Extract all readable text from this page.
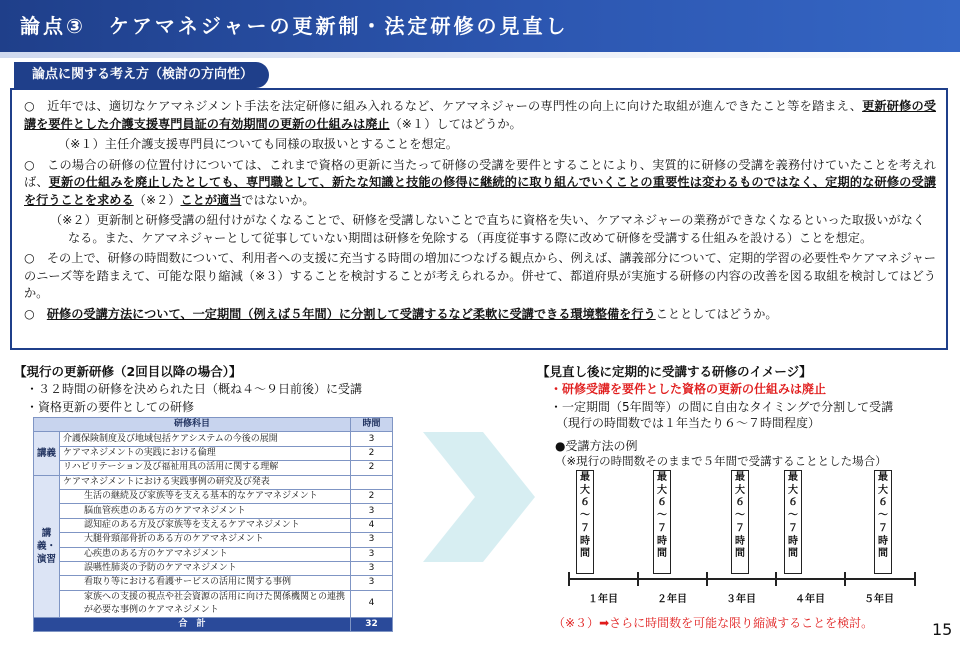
論点③　ケアマネジャーの更新制・法定研修の見直し
論点に関する考え方（検討の方向性）
○　近年では、適切なケアマネジメント手法を法定研修に組み入れるなど、ケアマネジャーの専門性の向上に向けた取組が進んできたこと等を踏まえ、更新研修の受講を要件とした介護支援専門員証の有効期間の更新の仕組みは廃止（※１）してはどうか。
（※１）主任介護支援専門員についても同様の取扱いとすることを想定。
○　この場合の研修の位置付けについては、これまで資格の更新に当たって研修の受講を要件とすることにより、実質的に研修の受講を義務付けていたことを考えれば、更新の仕組みを廃止したとしても、専門職として、新たな知識と技能の修得に継続的に取り組んでいくことの重要性は変わるものではなく、定期的な研修の受講を行うことを求める（※２）ことが適当ではないか。
（※２）更新制と研修受講の紐付けがなくなることで、研修を受講しないことで直ちに資格を失い、ケアマネジャーの業務ができなくなるといった取扱いがなくなる。また、ケアマネジャーとして従事していない期間は研修を免除する（再度従事する際に改めて研修を受講する仕組みを設ける）ことを想定。
○　その上で、研修の時間数について、利用者への支援に充当する時間の増加につなげる観点から、例えば、講義部分について、定期的学習の必要性やケアマネジャーのニーズ等を踏まえて、可能な限り縮減（※３）することを検討することが考えられるか。併せて、都道府県が実施する研修の内容の改善を図る取組を検討してはどうか。
○　研修の受講方法について、一定期間（例えば５年間）に分割して受講するなど柔軟に受講できる環境整備を行うこととしてはどうか。
【現行の更新研修（2回目以降の場合）】
・３２時間の研修を決められた日（概ね４～９日前後）に受講
・資格更新の要件としての研修
研修科目		時間
講義	介護保険制度及び地域包括ケアシステムの今後の展開	3
	ケアマネジメントの実践における倫理	2
	リハビリテーション及び福祉用具の活用に関する理解	2
講義・演習	ケアマネジメントにおける実践事例の研究及び発表	
	生活の継続及び家族等を支える基本的なケアマネジメント	2
	脳血管疾患のある方のケアマネジメント	3
	認知症のある方及び家族等を支えるケアマネジメント	4
	大腿骨頸部骨折のある方のケアマネジメント	3
	心疾患のある方のケアマネジメント	3
	誤嚥性肺炎の予防のケアマネジメント	3
	看取り等における看護サービスの活用に関する事例	3
	家族への支援の視点や社会資源の活用に向けた関係機関との連携が必要な事例のケアマネジメント	4
合　計		32
【見直し後に定期的に受講する研修のイメージ】
・研修受講を要件とした資格の更新の仕組みは廃止
・一定期間（5年間等）の間に自由なタイミングで分割して受講
（現行の時間数では１年当たり６～７時間程度）
●受講方法の例
（※現行の時間数そのままで５年間で受講することとした場合）
最大６～７時間
最大６～７時間
最大６～７時間
最大６～７時間
最大６～７時間
１年目	２年目	３年目	４年目	５年目
（※３）➡さらに時間数を可能な限り縮減することを検討。	15
